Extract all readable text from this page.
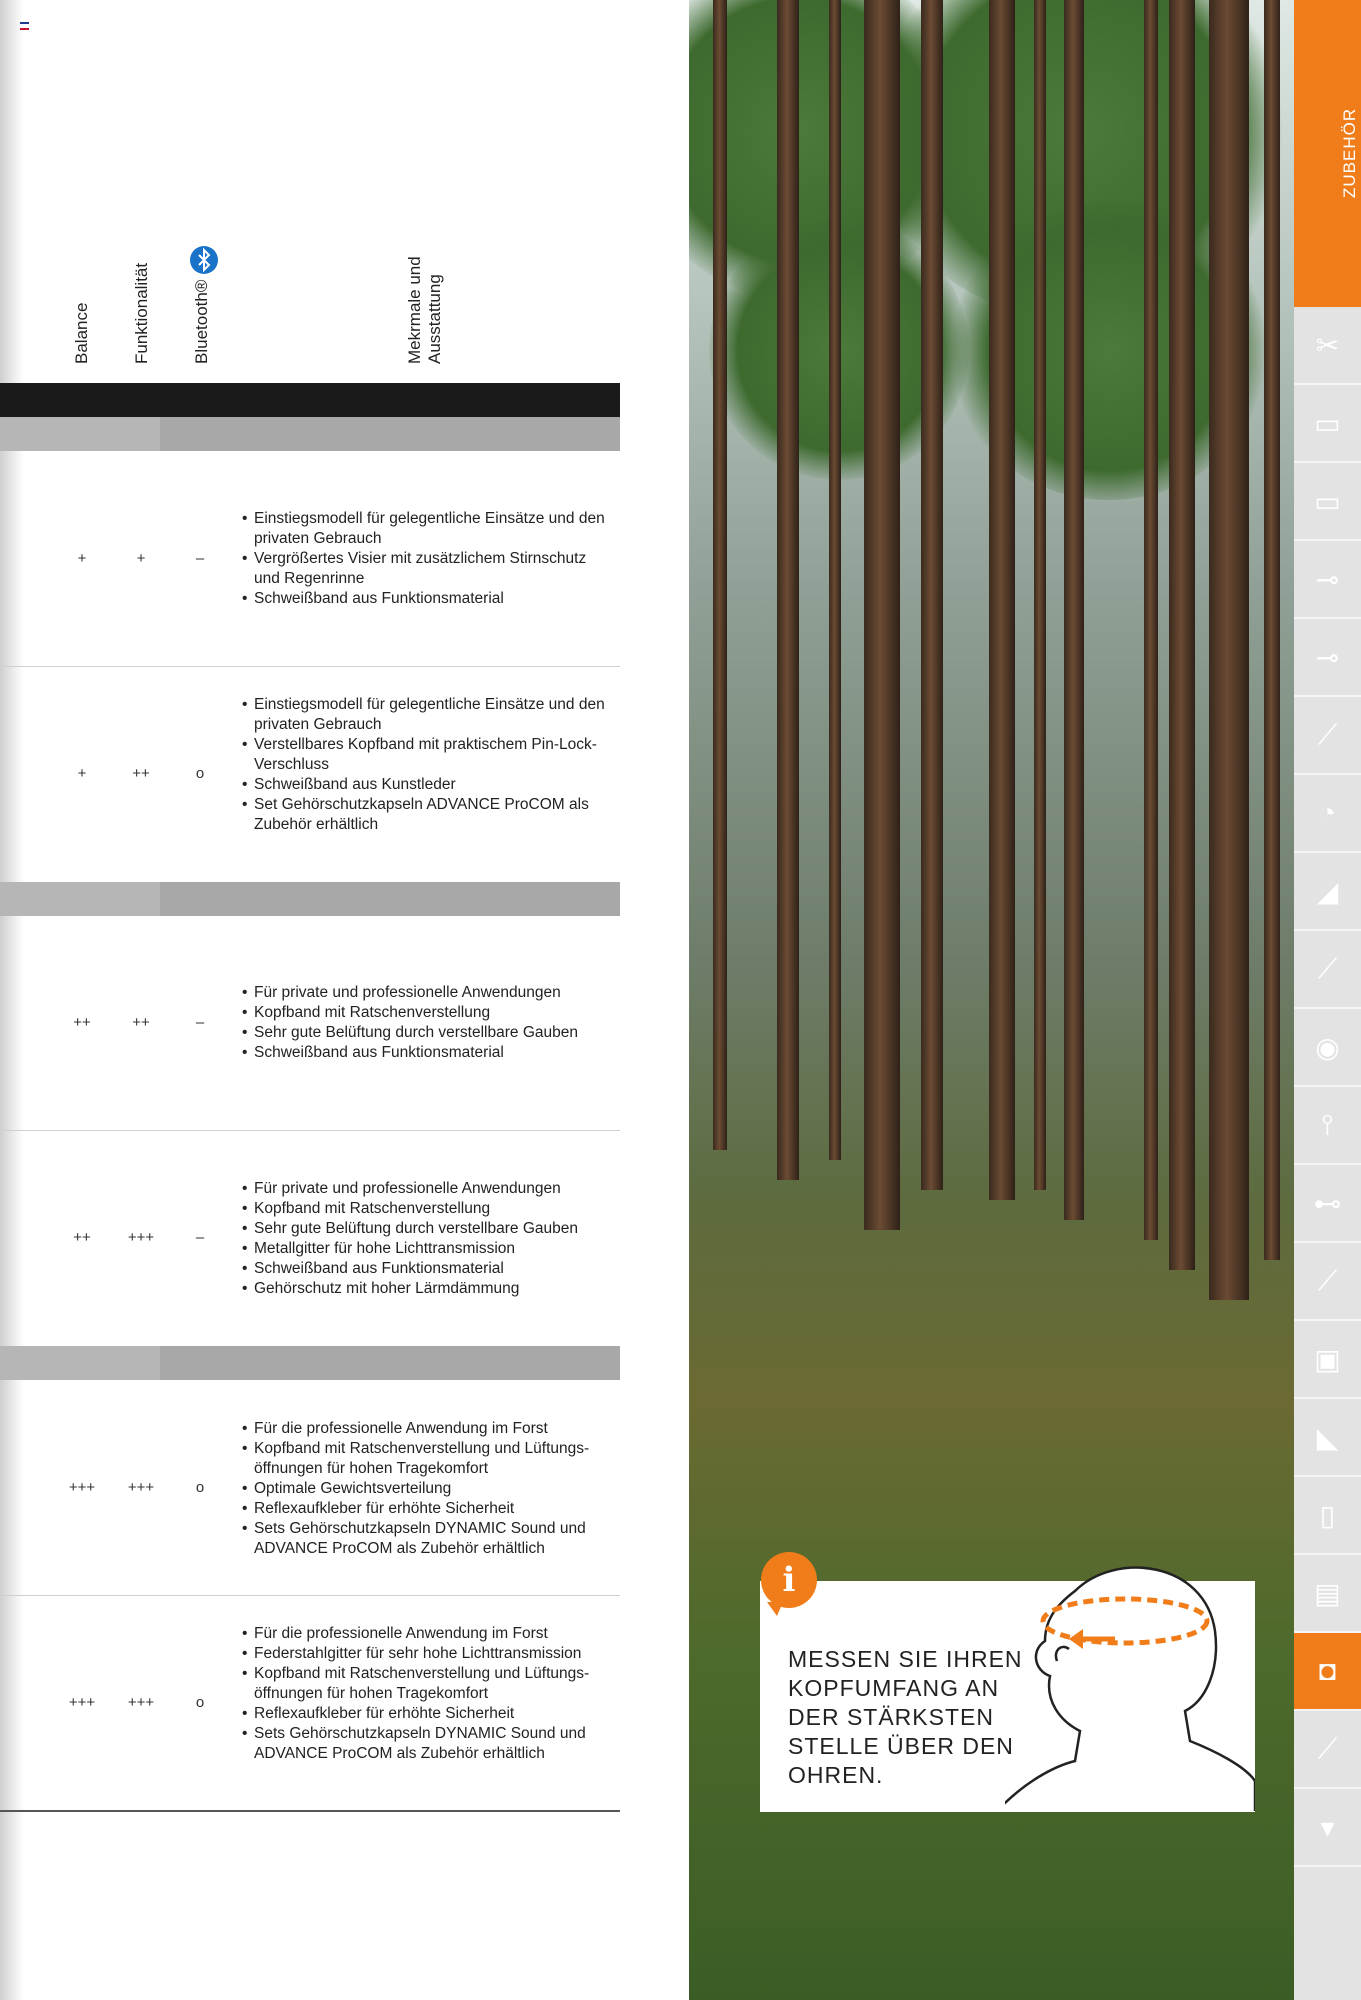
Balance Funktionalität Bluetooth®	Mekrmale und Ausstattung
+	+	–
• Einstiegsmodell für gelegentliche Einsätze und den privaten Gebrauch
• Vergrößertes Visier mit zusätzlichem Stirnschutz und Regenrinne
• Schweißband aus Funktionsmaterial
+	++	o
• Einstiegsmodell für gelegentliche Einsätze und den privaten Gebrauch
• Verstellbares Kopfband mit praktischem Pin-Lock-Verschluss
• Schweißband aus Kunstleder
• Set Gehörschutzkapseln ADVANCE ProCOM als Zubehör erhältlich
++	++	–
• Für private und professionelle Anwendungen
• Kopfband mit Ratschenverstellung
• Sehr gute Belüftung durch verstellbare Gauben
• Schweißband aus Funktionsmaterial
++	+++	–
• Für private und professionelle Anwendungen
• Kopfband mit Ratschenverstellung
• Sehr gute Belüftung durch verstellbare Gauben
• Metallgitter für hohe Lichttransmission
• Schweißband aus Funktionsmaterial
• Gehörschutz mit hoher Lärmdämmung
+++	+++	o
• Für die professionelle Anwendung im Forst
• Kopfband mit Ratschenverstellung und Lüftungs-öffnungen für hohen Tragekomfort
• Optimale Gewichtsverteilung
• Reflexaufkleber für erhöhte Sicherheit
• Sets Gehörschutzkapseln DYNAMIC Sound und ADVANCE ProCOM als Zubehör erhältlich
+++	+++	o
• Für die professionelle Anwendung im Forst
• Federstahlgitter für sehr hohe Lichttransmission
• Kopfband mit Ratschenverstellung und Lüftungs-öffnungen für hohen Tragekomfort
• Reflexaufkleber für erhöhte Sicherheit
• Sets Gehörschutzkapseln DYNAMIC Sound und ADVANCE ProCOM als Zubehör erhältlich

MESSEN SIE IHREN
KOPFUMFANG AN
DER STÄRKSTEN
STELLE ÜBER DEN
OHREN.

i
ZUBEHÖR
✂
▭
▭
⊸
⊸
⟋
◔
◢
⟋
◉
⫯
⊷
⟋
▣
◣
▯
▤
◘
⟋
▾
